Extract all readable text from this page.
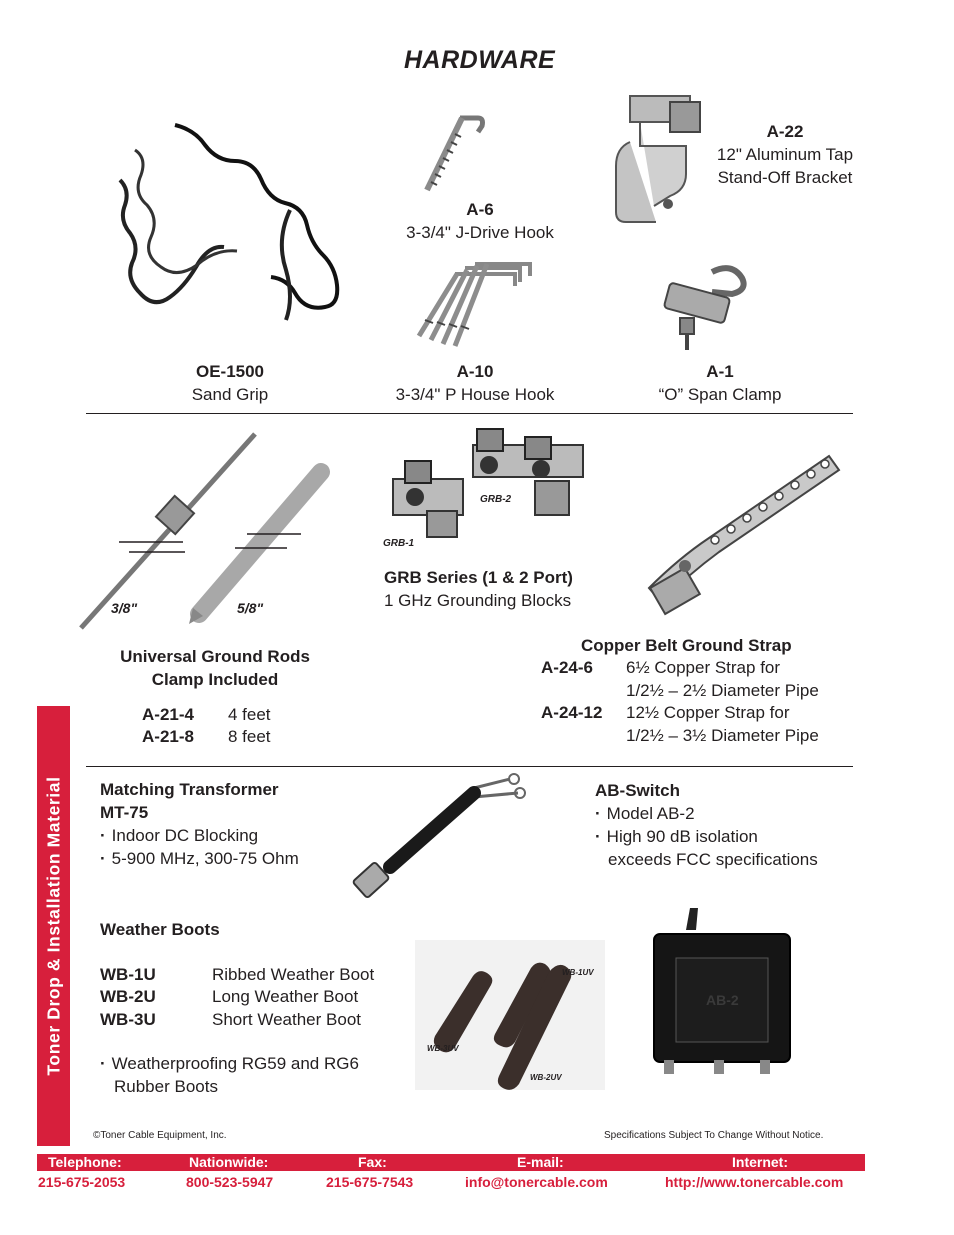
HARDWARE
A-22
12" Aluminum Tap
Stand-Off Bracket
A-6
3-3/4" J-Drive Hook
OE-1500
Sand Grip
A-10
3-3/4" P House Hook
A-1
“O” Span Clamp
3/8"	5/8"
GRB-2
GRB-1
GRB Series (1 & 2 Port)
1 GHz Grounding Blocks
Universal Ground Rods
Clamp Included
A-21-4 4 feet
A-21-8 8 feet
Copper Belt Ground Strap
A-24-6 6½ Copper Strap for
1/2½ – 2½ Diameter Pipe
A-24-12 12½ Copper Strap for
1/2½ – 3½ Diameter Pipe
Matching Transformer
MT-75
· Indoor DC Blocking
· 5-900 MHz, 300-75 Ohm
AB-Switch
· Model AB-2
· High 90 dB isolation
exceeds FCC specifications
AB-2
Weather Boots
WB-1U	Ribbed Weather Boot
WB-2U	Long Weather Boot
WB-3U	Short Weather Boot
· Weatherproofing RG59 and RG6
Rubber Boots
WB-1UV
WB-3UV
WB-2UV
Toner Drop & Installation Material
©Toner Cable Equipment, Inc.	Specifications Subject To Change Without Notice.
Telephone:	Nationwide:	Fax:	E-mail:	Internet:
215-675-2053	800-523-5947	215-675-7543	info@tonercable.com	http://www.tonercable.com
